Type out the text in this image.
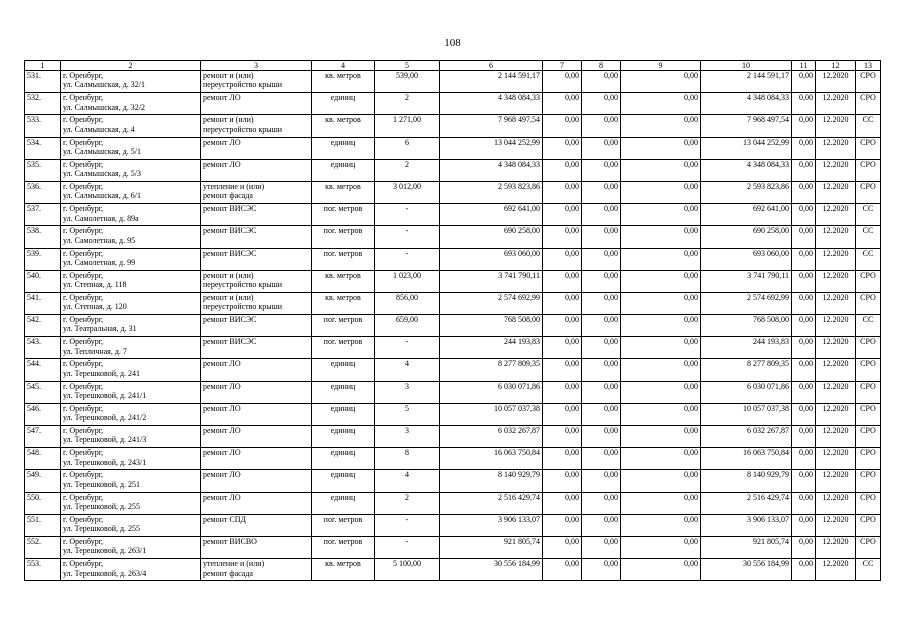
108
1	2	3	4	5	6	7	8	9	10	11	12	13
531.	г. Оренбург,
ул. Салмышская, д. 32/1	ремонт и (или)
переустройство крыши	кв. метров	539,00	2 144 591,17	0,00	0,00	0,00	2 144 591,17	0,00	12.2020	СРО
532.	г. Оренбург,
ул. Салмышская, д. 32/2	ремонт ЛО	единиц	2	4 348 084,33	0,00	0,00	0,00	4 348 084,33	0,00	12.2020	СРО
533.	г. Оренбург,
ул. Салмышская, д. 4	ремонт и (или)
переустройство крыши	кв. метров	1 271,00	7 968 497,54	0,00	0,00	0,00	7 968 497,54	0,00	12.2020	СС
534.	г. Оренбург,
ул. Салмышская, д. 5/1	ремонт ЛО	единиц	6	13 044 252,99	0,00	0,00	0,00	13 044 252,99	0,00	12.2020	СРО
535.	г. Оренбург,
ул. Салмышская, д. 5/3	ремонт ЛО	единиц	2	4 348 084,33	0,00	0,00	0,00	4 348 084,33	0,00	12.2020	СРО
536.	г. Оренбург,
ул. Салмышская, д. 6/1	утепление и (или)
ремонт фасада	кв. метров	3 012,00	2 593 823,86	0,00	0,00	0,00	2 593 823,86	0,00	12.2020	СРО
537.	г. Оренбург,
ул. Самолетная, д. 89а	ремонт ВИСЭС	пог. метров	-	692 641,00	0,00	0,00	0,00	692 641,00	0,00	12.2020	СС
538.	г. Оренбург,
ул. Самолетная, д. 95	ремонт ВИСЭС	пог. метров	-	690 258,00	0,00	0,00	0,00	690 258,00	0,00	12.2020	СС
539.	г. Оренбург,
ул. Самолетная, д. 99	ремонт ВИСЭС	пог. метров	-	693 060,00	0,00	0,00	0,00	693 060,00	0,00	12.2020	СС
540.	г. Оренбург,
ул. Степная, д. 118	ремонт и (или)
переустройство крыши	кв. метров	1 023,00	3 741 790,11	0,00	0,00	0,00	3 741 790,11	0,00	12.2020	СРО
541.	г. Оренбург,
ул. Степная, д. 120	ремонт и (или)
переустройство крыши	кв. метров	856,00	2 574 692,99	0,00	0,00	0,00	2 574 692,99	0,00	12.2020	СРО
542.	г. Оренбург,
ул. Театральная, д. 31	ремонт ВИСЭС	пог. метров	659,00	768 508,00	0,00	0,00	0,00	768 508,00	0,00	12.2020	СС
543.	г. Оренбург,
ул. Тепличная, д. 7	ремонт ВИСЭС	пог. метров	-	244 193,83	0,00	0,00	0,00	244 193,83	0,00	12.2020	СРО
544.	г. Оренбург,
ул. Терешковой, д. 241	ремонт ЛО	единиц	4	8 277 809,35	0,00	0,00	0,00	8 277 809,35	0,00	12.2020	СРО
545.	г. Оренбург,
ул. Терешковой, д. 241/1	ремонт ЛО	единиц	3	6 030 071,86	0,00	0,00	0,00	6 030 071,86	0,00	12.2020	СРО
546.	г. Оренбург,
ул. Терешковой, д. 241/2	ремонт ЛО	единиц	5	10 057 037,38	0,00	0,00	0,00	10 057 037,38	0,00	12.2020	СРО
547.	г. Оренбург,
ул. Терешковой, д. 241/3	ремонт ЛО	единиц	3	6 032 267,87	0,00	0,00	0,00	6 032 267,87	0,00	12.2020	СРО
548.	г. Оренбург,
ул. Терешковой, д. 243/1	ремонт ЛО	единиц	8	16 063 750,84	0,00	0,00	0,00	16 063 750,84	0,00	12.2020	СРО
549.	г. Оренбург,
ул. Терешковой, д. 251	ремонт ЛО	единиц	4	8 140 929,79	0,00	0,00	0,00	8 140 929,79	0,00	12.2020	СРО
550.	г. Оренбург,
ул. Терешковой, д. 255	ремонт ЛО	единиц	2	2 516 429,74	0,00	0,00	0,00	2 516 429,74	0,00	12.2020	СРО
551.	г. Оренбург,
ул. Терешковой, д. 255	ремонт СПД	пог. метров	-	3 906 133,07	0,00	0,00	0,00	3 906 133,07	0,00	12.2020	СРО
552.	г. Оренбург,
ул. Терешковой, д. 263/1	ремонт ВИСВО	пог. метров	-	921 805,74	0,00	0,00	0,00	921 805,74	0,00	12.2020	СРО
553.	г. Оренбург,
ул. Терешковой, д. 263/4	утепление и (или)
ремонт фасада	кв. метров	5 100,00	30 556 184,99	0,00	0,00	0,00	30 556 184,99	0,00	12.2020	СС
